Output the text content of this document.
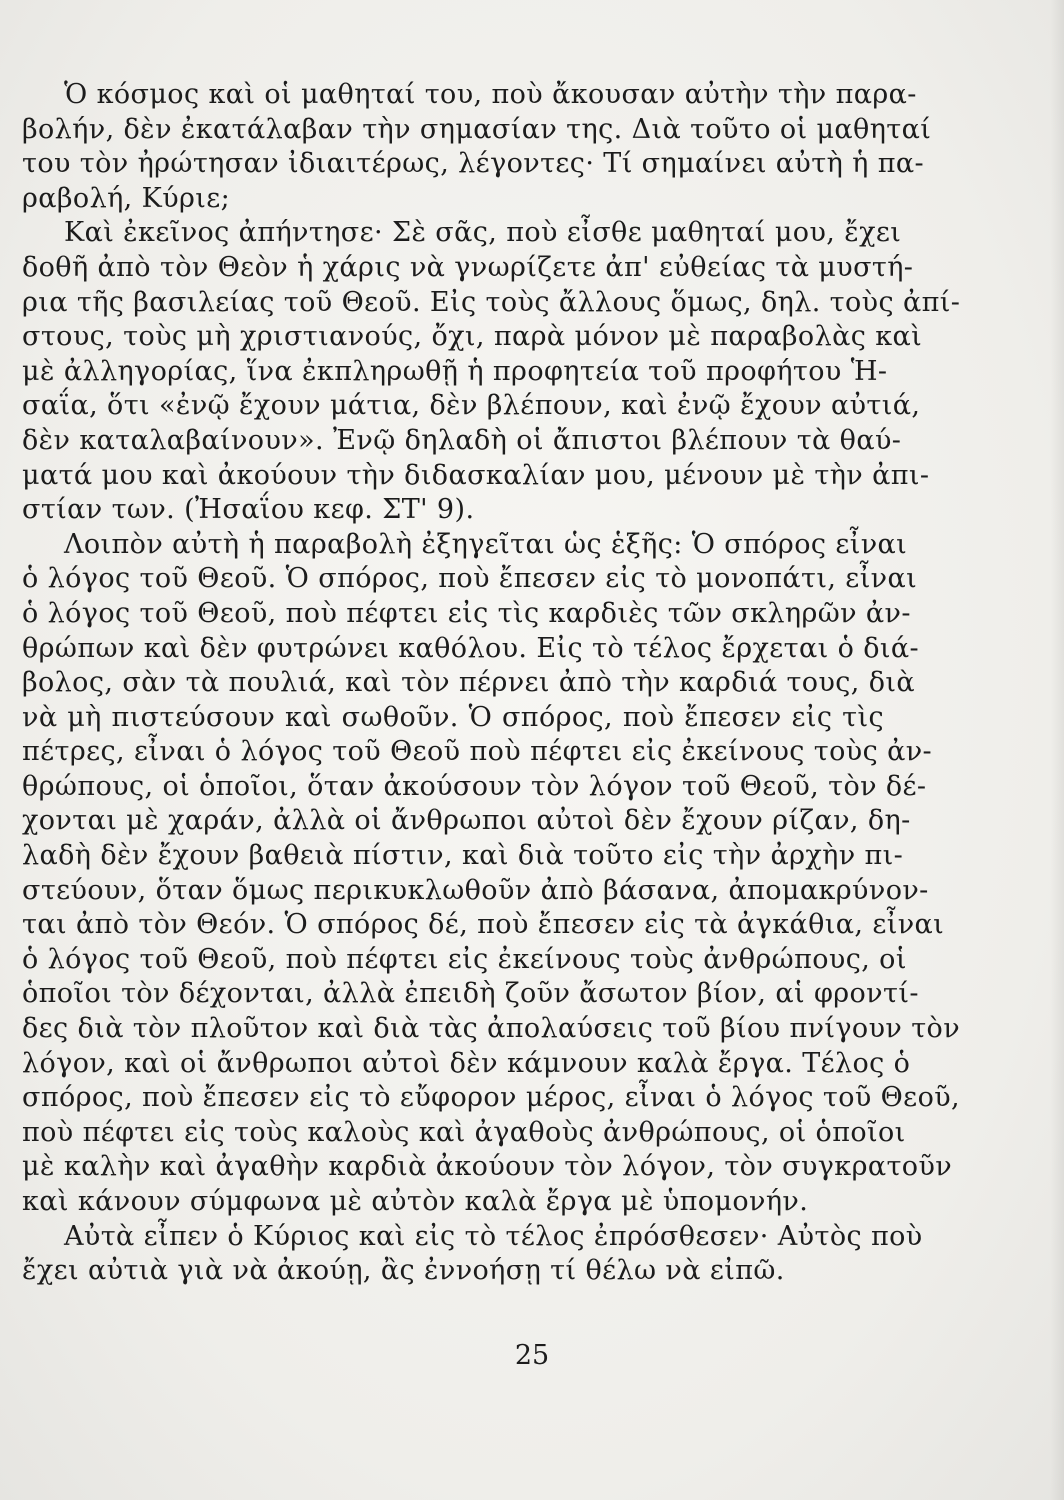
Ὁ κόσμος καὶ οἱ μαθηταί του, ποὺ ἄκουσαν αὐτὴν τὴν παρα-
βολήν, δὲν ἐκατάλαβαν τὴν σημασίαν της. Διὰ τοῦτο οἱ μαθηταί
του τὸν ἠρώτησαν ἰδιαιτέρως, λέγοντες· Τί σημαίνει αὐτὴ ἡ πα-
ραβολή, Κύριε;
Καὶ ἐκεῖνος ἀπήντησε· Σὲ σᾶς, ποὺ εἶσθε μαθηταί μου, ἔχει
δοθῆ ἀπὸ τὸν Θεὸν ἡ χάρις νὰ γνωρίζετε ἀπ' εὐθείας τὰ μυστή-
ρια τῆς βασιλείας τοῦ Θεοῦ. Εἰς τοὺς ἄλλους ὅμως, δηλ. τοὺς ἀπί-
στους, τοὺς μὴ χριστιανούς, ὄχι, παρὰ μόνον μὲ παραβολὰς καὶ
μὲ ἀλληγορίας, ἵνα ἐκπληρωθῇ ἡ προφητεία τοῦ προφήτου Ἡ-
σαΐα, ὅτι «ἐνῷ ἔχουν μάτια, δὲν βλέπουν, καὶ ἐνῷ ἔχουν αὐτιά,
δὲν καταλαβαίνουν». Ἐνῷ δηλαδὴ οἱ ἄπιστοι βλέπουν τὰ θαύ-
ματά μου καὶ ἀκούουν τὴν διδασκαλίαν μου, μένουν μὲ τὴν ἀπι-
στίαν των. (Ἠσαΐου κεφ. ΣΤ' 9).
Λοιπὸν αὐτὴ ἡ παραβολὴ ἐξηγεῖται ὡς ἑξῆς: Ὁ σπόρος εἶναι
ὁ λόγος τοῦ Θεοῦ. Ὁ σπόρος, ποὺ ἔπεσεν εἰς τὸ μονοπάτι, εἶναι
ὁ λόγος τοῦ Θεοῦ, ποὺ πέφτει εἰς τὶς καρδιὲς τῶν σκληρῶν ἀν-
θρώπων καὶ δὲν φυτρώνει καθόλου. Εἰς τὸ τέλος ἔρχεται ὁ διά-
βολος, σὰν τὰ πουλιά, καὶ τὸν πέρνει ἀπὸ τὴν καρδιά τους, διὰ
νὰ μὴ πιστεύσουν καὶ σωθοῦν. Ὁ σπόρος, ποὺ ἔπεσεν εἰς τὶς
πέτρες, εἶναι ὁ λόγος τοῦ Θεοῦ ποὺ πέφτει εἰς ἐκείνους τοὺς ἀν-
θρώπους, οἱ ὁποῖοι, ὅταν ἀκούσουν τὸν λόγον τοῦ Θεοῦ, τὸν δέ-
χονται μὲ χαράν, ἀλλὰ οἱ ἄνθρωποι αὐτοὶ δὲν ἔχουν ρίζαν, δη-
λαδὴ δὲν ἔχουν βαθειὰ πίστιν, καὶ διὰ τοῦτο εἰς τὴν ἀρχὴν πι-
στεύουν, ὅταν ὅμως περικυκλωθοῦν ἀπὸ βάσανα, ἀπομακρύνον-
ται ἀπὸ τὸν Θεόν. Ὁ σπόρος δέ, ποὺ ἔπεσεν εἰς τὰ ἀγκάθια, εἶναι
ὁ λόγος τοῦ Θεοῦ, ποὺ πέφτει εἰς ἐκείνους τοὺς ἀνθρώπους, οἱ
ὁποῖοι τὸν δέχονται, ἀλλὰ ἐπειδὴ ζοῦν ἄσωτον βίον, αἱ φροντί-
δες διὰ τὸν πλοῦτον καὶ διὰ τὰς ἀπολαύσεις τοῦ βίου πνίγουν τὸν
λόγον, καὶ οἱ ἄνθρωποι αὐτοὶ δὲν κάμνουν καλὰ ἔργα. Τέλος ὁ
σπόρος, ποὺ ἔπεσεν εἰς τὸ εὔφορον μέρος, εἶναι ὁ λόγος τοῦ Θεοῦ,
ποὺ πέφτει εἰς τοὺς καλοὺς καὶ ἀγαθοὺς ἀνθρώπους, οἱ ὁποῖοι
μὲ καλὴν καὶ ἀγαθὴν καρδιὰ ἀκούουν τὸν λόγον, τὸν συγκρατοῦν
καὶ κάνουν σύμφωνα μὲ αὐτὸν καλὰ ἔργα μὲ ὑπομονήν.
Αὐτὰ εἶπεν ὁ Κύριος καὶ εἰς τὸ τέλος ἐπρόσθεσεν· Αὐτὸς ποὺ
ἔχει αὐτιὰ γιὰ νὰ ἀκούῃ, ἂς ἐννοήσῃ τί θέλω νὰ εἰπῶ.
25
